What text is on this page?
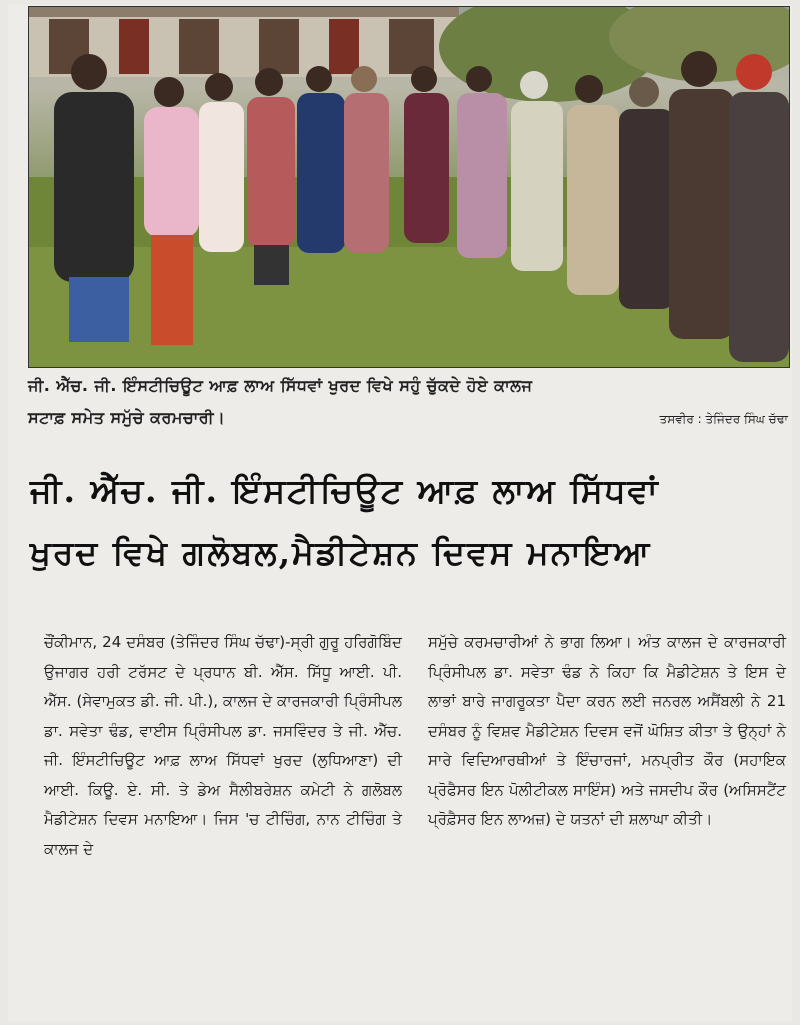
ਜੀ. ਐੱਚ. ਜੀ. ਇੰਸਟੀਚਿਊਟ ਆਫ਼ ਲਾਅ ਸਿੱਧਵਾਂ ਖੁਰਦ ਵਿਖੇ ਸਹੁੰ ਚੁੱਕਦੇ ਹੋਏ ਕਾਲਜ
ਸਟਾਫ਼ ਸਮੇਤ ਸਮੁੱਚੇ ਕਰਮਚਾਰੀ।	ਤਸਵੀਰ : ਤੇਜਿੰਦਰ ਸਿੰਘ ਚੱਢਾ
ਜੀ. ਐੱਚ. ਜੀ. ਇੰਸਟੀਚਿਊਟ ਆਫ਼ ਲਾਅ ਸਿੱਧਵਾਂ
ਖੁਰਦ ਵਿਖੇ ਗਲੋਬਲ,ਮੈਡੀਟੇਸ਼ਨ ਦਿਵਸ ਮਨਾਇਆ
ਚੌਂਕੀਮਾਨ, 24 ਦਸੰਬਰ (ਤੇਜਿੰਦਰ ਸਿੰਘ ਚੱਢਾ)-ਸ੍ਰੀ ਗੁਰੂ ਹਰਿਗੋਬਿੰਦ ਉਜਾਗਰ ਹਰੀ ਟਰੱਸਟ ਦੇ ਪ੍ਰਧਾਨ ਬੀ. ਐੱਸ. ਸਿੱਧੂ ਆਈ. ਪੀ. ਐੱਸ. (ਸੇਵਾਮੁਕਤ ਡੀ. ਜੀ. ਪੀ.), ਕਾਲਜ ਦੇ ਕਾਰਜਕਾਰੀ ਪ੍ਰਿੰਸੀਪਲ ਡਾ. ਸਵੇਤਾ ਢੰਡ, ਵਾਈਸ ਪ੍ਰਿੰਸੀਪਲ ਡਾ. ਜਸਵਿੰਦਰ ਤੇ ਜੀ. ਐੱਚ. ਜੀ. ਇੰਸਟੀਚਿਊਟ ਆਫ਼ ਲਾਅ ਸਿੱਧਵਾਂ ਖੁਰਦ (ਲੁਧਿਆਣਾ) ਦੀ ਆਈ. ਕਿਊ. ਏ. ਸੀ. ਤੇ ਡੇਅ ਸੈਲੀਬਰੇਸ਼ਨ ਕਮੇਟੀ ਨੇ ਗਲੋਬਲ ਮੈਡੀਟੇਸ਼ਨ ਦਿਵਸ ਮਨਾਇਆ। ਜਿਸ 'ਚ ਟੀਚਿੰਗ, ਨਾਨ ਟੀਚਿੰਗ ਤੇ ਕਾਲਜ ਦੇ
ਸਮੁੱਚੇ ਕਰਮਚਾਰੀਆਂ ਨੇ ਭਾਗ ਲਿਆ। ਅੰਤ ਕਾਲਜ ਦੇ ਕਾਰਜਕਾਰੀ ਪ੍ਰਿੰਸੀਪਲ ਡਾ. ਸਵੇਤਾ ਢੰਡ ਨੇ ਕਿਹਾ ਕਿ ਮੈਡੀਟੇਸ਼ਨ ਤੇ ਇਸ ਦੇ ਲਾਭਾਂ ਬਾਰੇ ਜਾਗਰੂਕਤਾ ਪੈਦਾ ਕਰਨ ਲਈ ਜਨਰਲ ਅਸੈਂਬਲੀ ਨੇ 21 ਦਸੰਬਰ ਨੂੰ ਵਿਸ਼ਵ ਮੈਡੀਟੇਸ਼ਨ ਦਿਵਸ ਵਜੋਂ ਘੋਸ਼ਿਤ ਕੀਤਾ ਤੇ ਉਨ੍ਹਾਂ ਨੇ ਸਾਰੇ ਵਿਦਿਆਰਥੀਆਂ ਤੇ ਇੰਚਾਰਜਾਂ, ਮਨਪ੍ਰੀਤ ਕੌਰ (ਸਹਾਇਕ ਪ੍ਰੋਫੈਸਰ ਇਨ ਪੋਲੀਟੀਕਲ ਸਾਇੰਸ) ਅਤੇ ਜਸਦੀਪ ਕੌਰ (ਅਸਿਸਟੈਂਟ ਪ੍ਰੋਫ਼ੈਸਰ ਇਨ ਲਾਅਜ਼) ਦੇ ਯਤਨਾਂ ਦੀ ਸ਼ਲਾਘਾ ਕੀਤੀ।
